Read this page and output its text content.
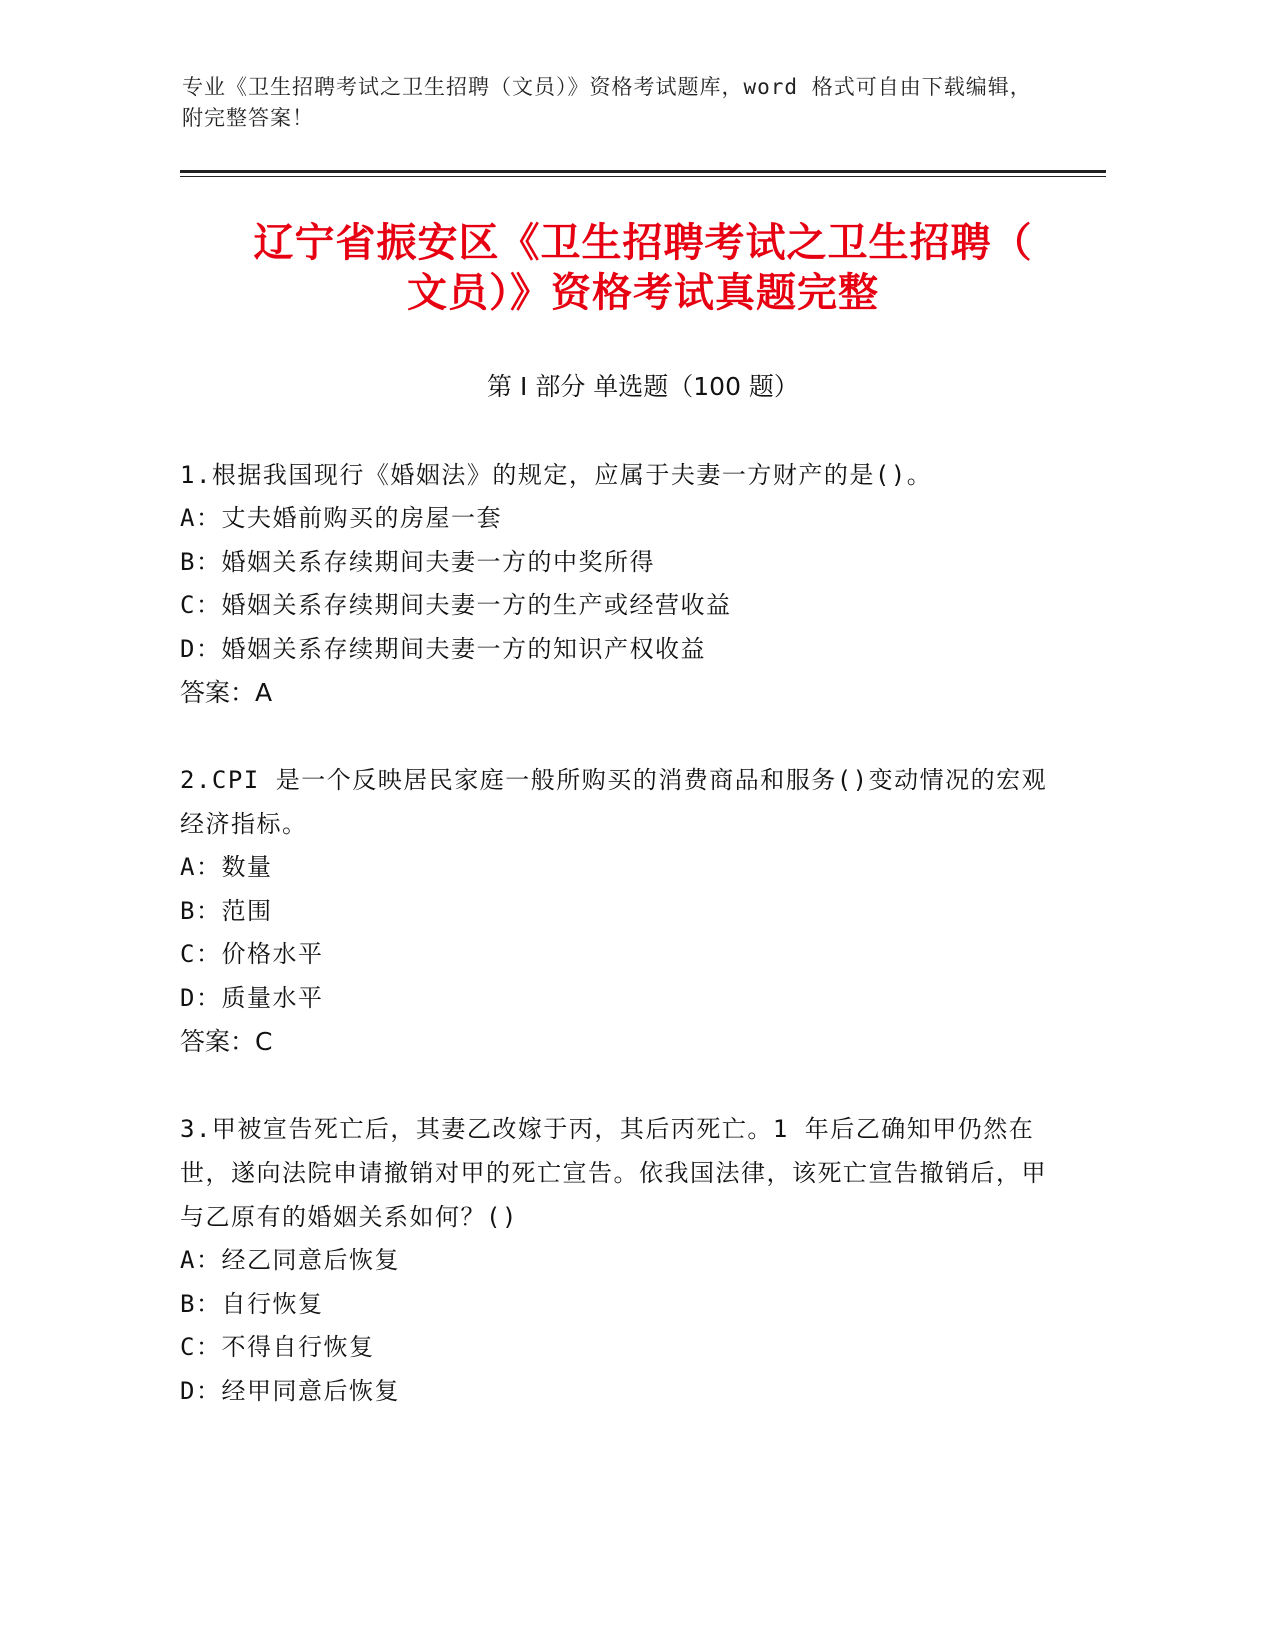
专业《卫生招聘考试之卫生招聘（文员）》资格考试题库，word 格式可自由下载编辑，附完整答案！
辽宁省振安区《卫生招聘考试之卫生招聘（
文员）》资格考试真题完整
第 I 部分 单选题（100 题）

1.根据我国现行《婚姻法》的规定，应属于夫妻一方财产的是()。

A：丈夫婚前购买的房屋一套

B：婚姻关系存续期间夫妻一方的中奖所得

C：婚姻关系存续期间夫妻一方的生产或经营收益

D：婚姻关系存续期间夫妻一方的知识产权收益

答案：A

2.CPI 是一个反映居民家庭一般所购买的消费商品和服务()变动情况的宏观经济指标。

A：数量

B：范围

C：价格水平

D：质量水平

答案：C

3.甲被宣告死亡后，其妻乙改嫁于丙，其后丙死亡。1 年后乙确知甲仍然在世，遂向法院申请撤销对甲的死亡宣告。依我国法律，该死亡宣告撤销后，甲与乙原有的婚姻关系如何？()

A：经乙同意后恢复

B：自行恢复

C：不得自行恢复

D：经甲同意后恢复
